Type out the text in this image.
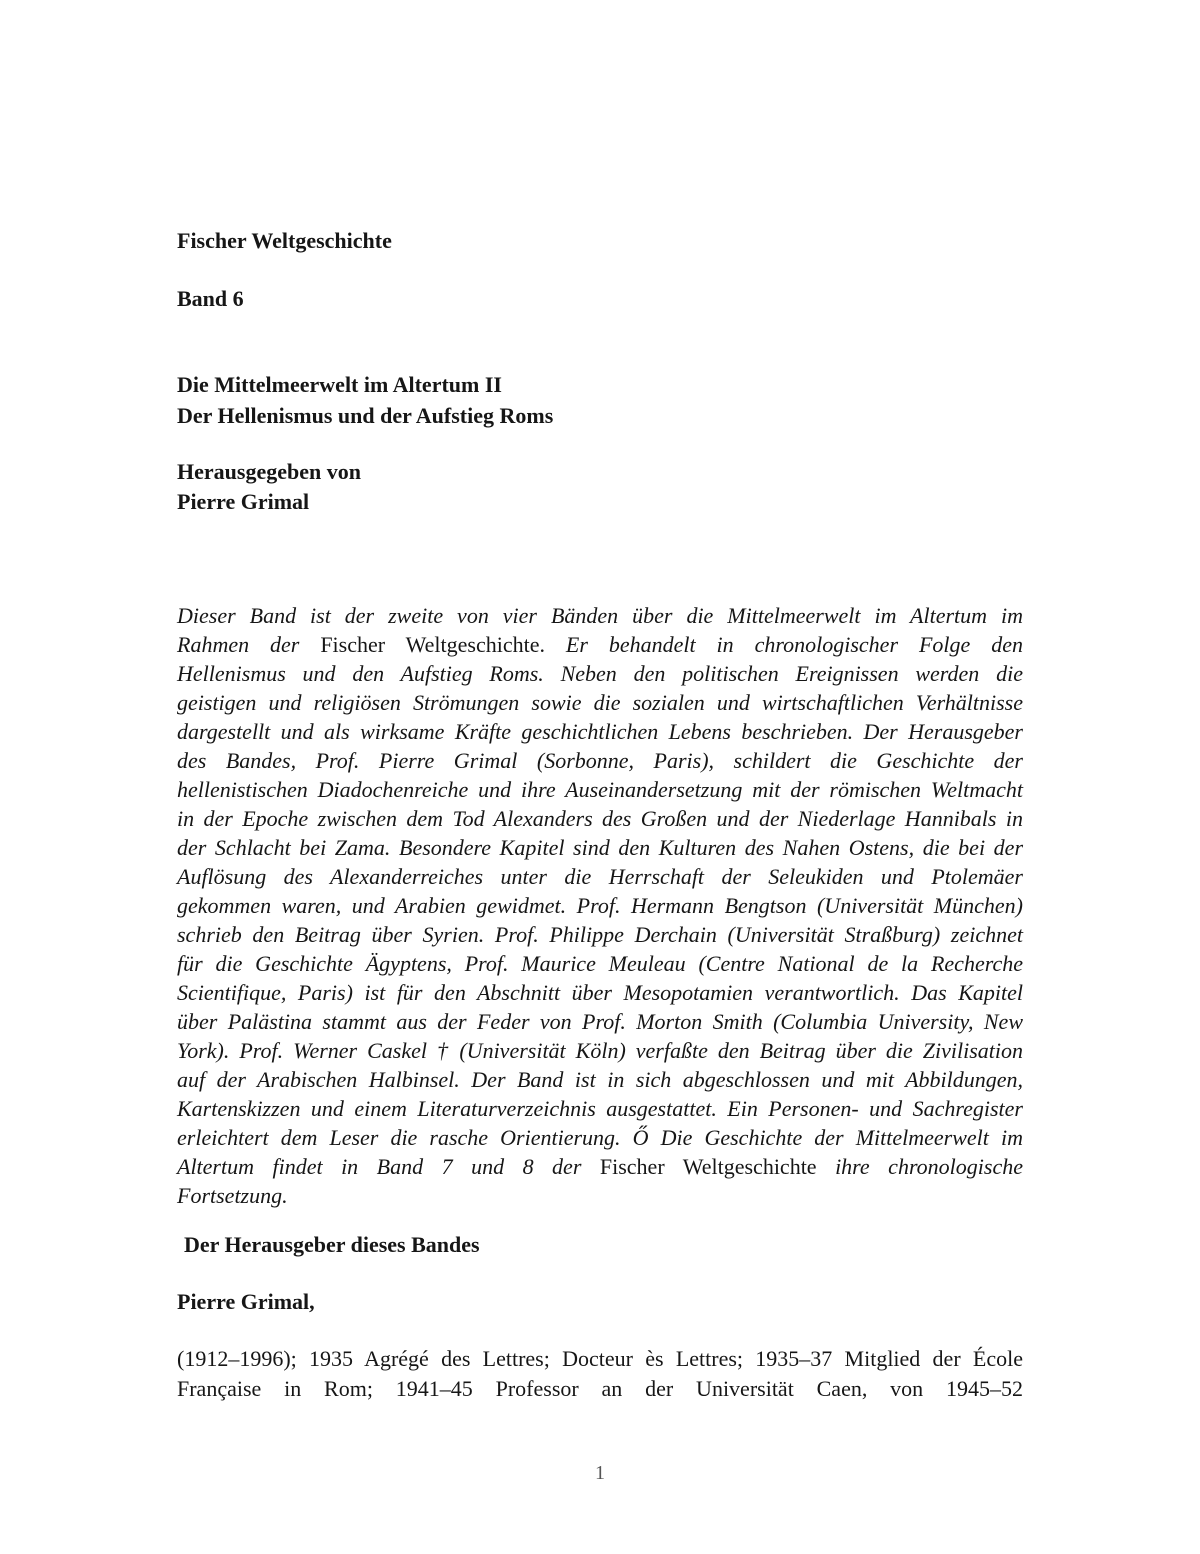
Fischer Weltgeschichte
Band 6
Die Mittelmeerwelt im Altertum II
Der Hellenismus und der Aufstieg Roms
Herausgegeben von
Pierre Grimal
Dieser Band ist der zweite von vier Bänden über die Mittelmeerwelt im Altertum im Rahmen der Fischer Weltgeschichte. Er behandelt in chronologischer Folge den Hellenismus und den Aufstieg Roms. Neben den politischen Ereignissen werden die geistigen und religiösen Strömungen sowie die sozialen und wirtschaftlichen Verhältnisse dargestellt und als wirksame Kräfte geschichtlichen Lebens beschrieben. Der Herausgeber des Bandes, Prof. Pierre Grimal (Sorbonne, Paris), schildert die Geschichte der hellenistischen Diadochenreiche und ihre Auseinandersetzung mit der römischen Weltmacht in der Epoche zwischen dem Tod Alexanders des Großen und der Niederlage Hannibals in der Schlacht bei Zama. Besondere Kapitel sind den Kulturen des Nahen Ostens, die bei der Auflösung des Alexanderreiches unter die Herrschaft der Seleukiden und Ptolemäer gekommen waren, und Arabien gewidmet. Prof. Hermann Bengtson (Universität München) schrieb den Beitrag über Syrien. Prof. Philippe Derchain (Universität Straßburg) zeichnet für die Geschichte Ägyptens, Prof. Maurice Meuleau (Centre National de la Recherche Scientifique, Paris) ist für den Abschnitt über Mesopotamien verantwortlich. Das Kapitel über Palästina stammt aus der Feder von Prof. Morton Smith (Columbia University, New York). Prof. Werner Caskel † (Universität Köln) verfaßte den Beitrag über die Zivilisation auf der Arabischen Halbinsel. Der Band ist in sich abgeschlossen und mit Abbildungen, Kartenskizzen und einem Literaturverzeichnis ausgestattet. Ein Personen- und Sachregister erleichtert dem Leser die rasche Orientierung. Ő Die Geschichte der Mittelmeerwelt im Altertum findet in Band 7 und 8 der Fischer Weltgeschichte ihre chronologische Fortsetzung.
Der Herausgeber dieses Bandes
Pierre Grimal,
(1912–1996); 1935 Agrégé des Lettres; Docteur ès Lettres; 1935–37 Mitglied der École Française in Rom; 1941–45 Professor an der Universität Caen, von 1945–52
1
